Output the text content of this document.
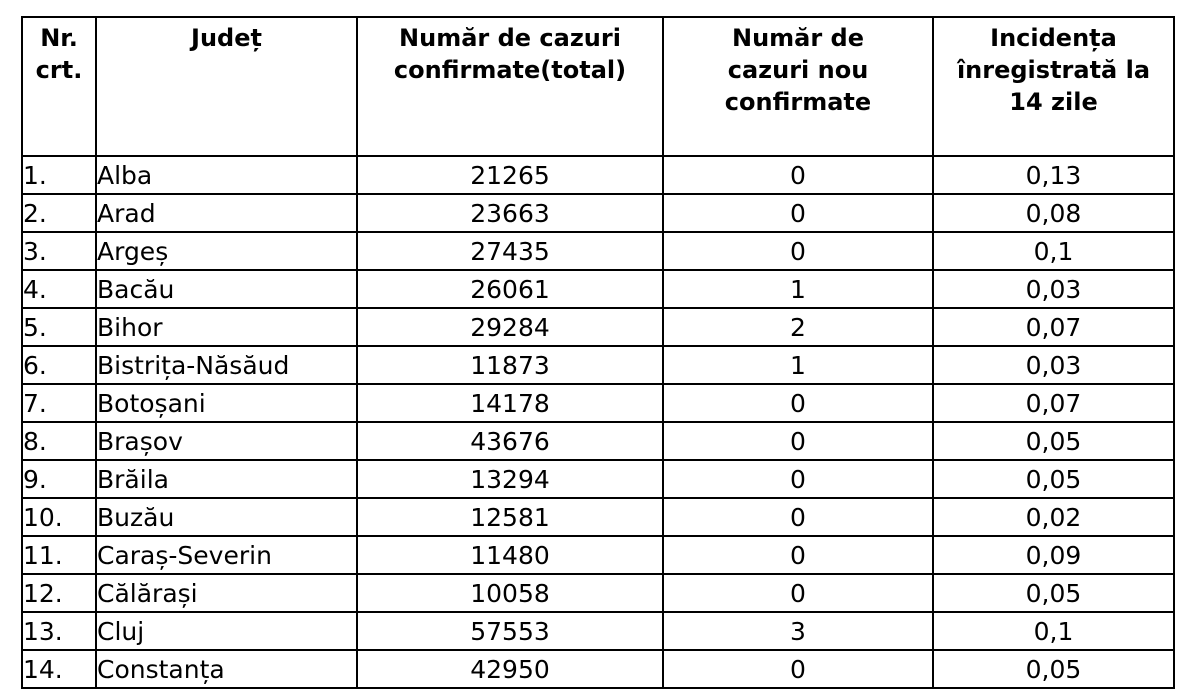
Nr. crt.	Județ	Număr de cazuri confirmate(total)	Număr de cazuri nou confirmate	Incidența înregistrată la 14 zile
1.	Alba	21265	0	0,13
2.	Arad	23663	0	0,08
3.	Argeș	27435	0	0,1
4.	Bacău	26061	1	0,03
5.	Bihor	29284	2	0,07
6.	Bistrița-Năsăud	11873	1	0,03
7.	Botoșani	14178	0	0,07
8.	Brașov	43676	0	0,05
9.	Brăila	13294	0	0,05
10.	Buzău	12581	0	0,02
11.	Caraș-Severin	11480	0	0,09
12.	Călărași	10058	0	0,05
13.	Cluj	57553	3	0,1
14.	Constanța	42950	0	0,05
